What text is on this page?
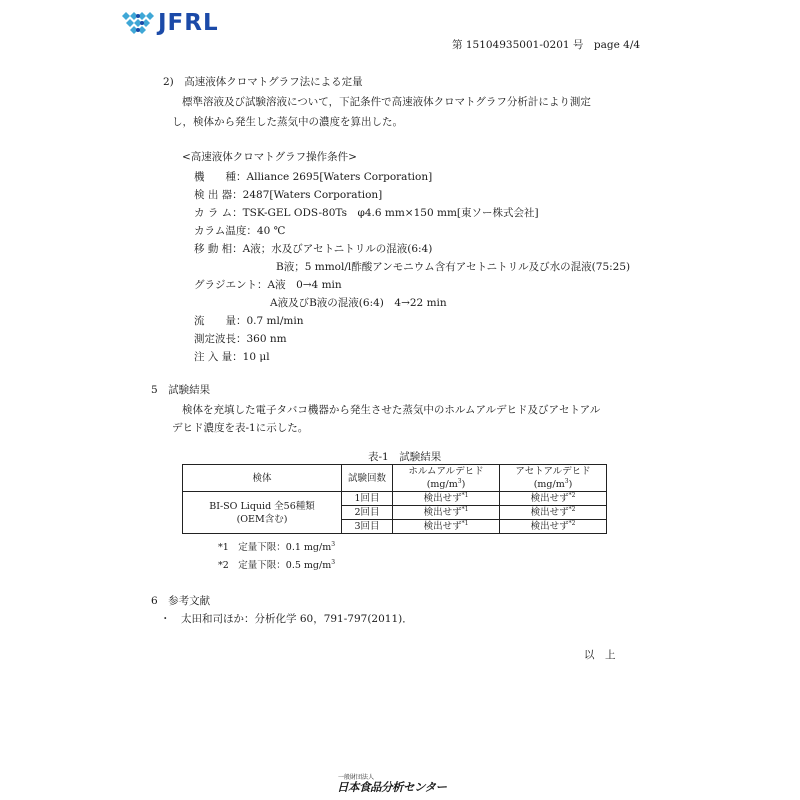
JFRL
第 15104935001-0201 号　page 4/4
2)　高速液体クロマトグラフ法による定量
標準溶液及び試験溶液について，下記条件で高速液体クロマトグラフ分析計により測定
し，検体から発生した蒸気中の濃度を算出した。
<高速液体クロマトグラフ操作条件>
機　　種：Alliance 2695[Waters Corporation]
検 出 器：2487[Waters Corporation]
カ ラ ム：TSK-GEL ODS-80Ts　φ4.6 mm×150 mm[東ソー株式会社]
カラム温度：40 ℃
移 動 相：A液；水及びアセトニトリルの混液(6:4)
B液；5 mmol/l酢酸アンモニウム含有アセトニトリル及び水の混液(75:25)
グラジエント：A液　0→4 min
A液及びB液の混液(6:4)　4→22 min
流　　量：0.7 ml/min
測定波長：360 nm
注 入 量：10 μl
5　試験結果
検体を充填した電子タバコ機器から発生させた蒸気中のホルムアルデヒド及びアセトアル
デヒド濃度を表-1に示した。
表-1　試験結果
検体	試験回数	ホルムアルデヒド	アセトアルデヒド
		$(mg/m^3)$	$(mg/m^3)$

BI-SO Liquid 全56種類
(OEM含む)	1回目	検出せず$^{*1}$	検出せず$^{*2}$
	2回目	検出せず$^{*1}$	検出せず$^{*2}$
	3回目	検出せず$^{*1}$	検出せず$^{*2}$
*1　定量下限：0.1 $mg/m^3$
*2　定量下限：0.5 $mg/m^3$
6　参考文献
・　太田和司ほか：分析化学 60，791-797(2011)．
以　上
一般財団法人
日本食品分析センター
